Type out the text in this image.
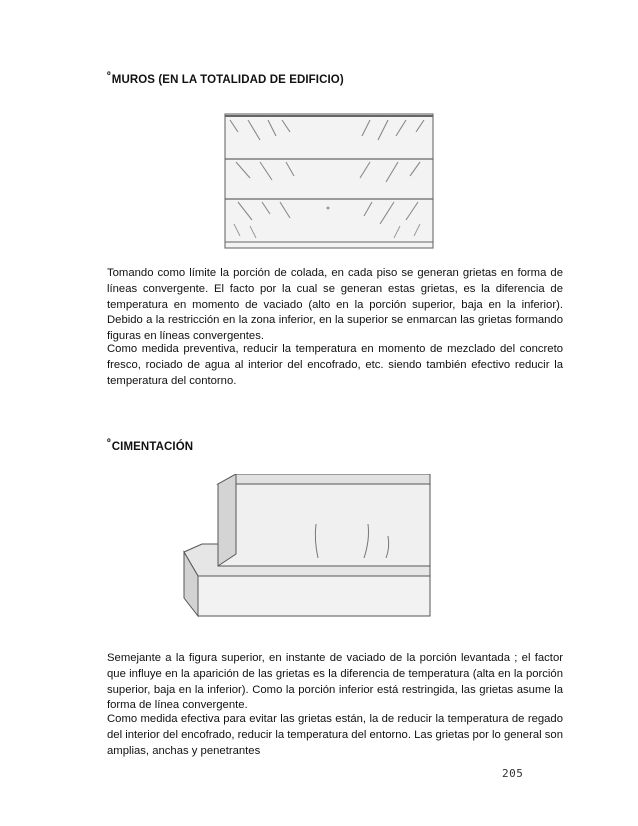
ºMUROS (EN LA TOTALIDAD DE EDIFICIO)

Tomando como límite la porción de colada, en cada piso se generan grietas en forma de líneas convergente. El facto por la cual se generan estas grietas, es la diferencia de temperatura en momento de vaciado (alto en la porción superior, baja en la inferior). Debido a la restricción en la zona inferior, en la superior se enmarcan las grietas formando figuras en líneas convergentes.

Como medida preventiva, reducir la temperatura en momento de mezclado del concreto fresco, rociado de agua al interior del encofrado, etc. siendo también efectivo reducir la temperatura del contorno.

ºCIMENTACIÓN

Semejante a la figura superior, en instante de vaciado de la porción levantada ; el factor que influye en la aparición de las grietas es la diferencia de temperatura (alta en la porción superior, baja en la inferior). Como la porción inferior está restringida, las grietas asume la forma de línea convergente.

Como medida efectiva para evitar las grietas están, la de reducir la temperatura de regado del interior del encofrado, reducir la temperatura del entorno. Las grietas por lo general son amplias, anchas y penetrantes

205
